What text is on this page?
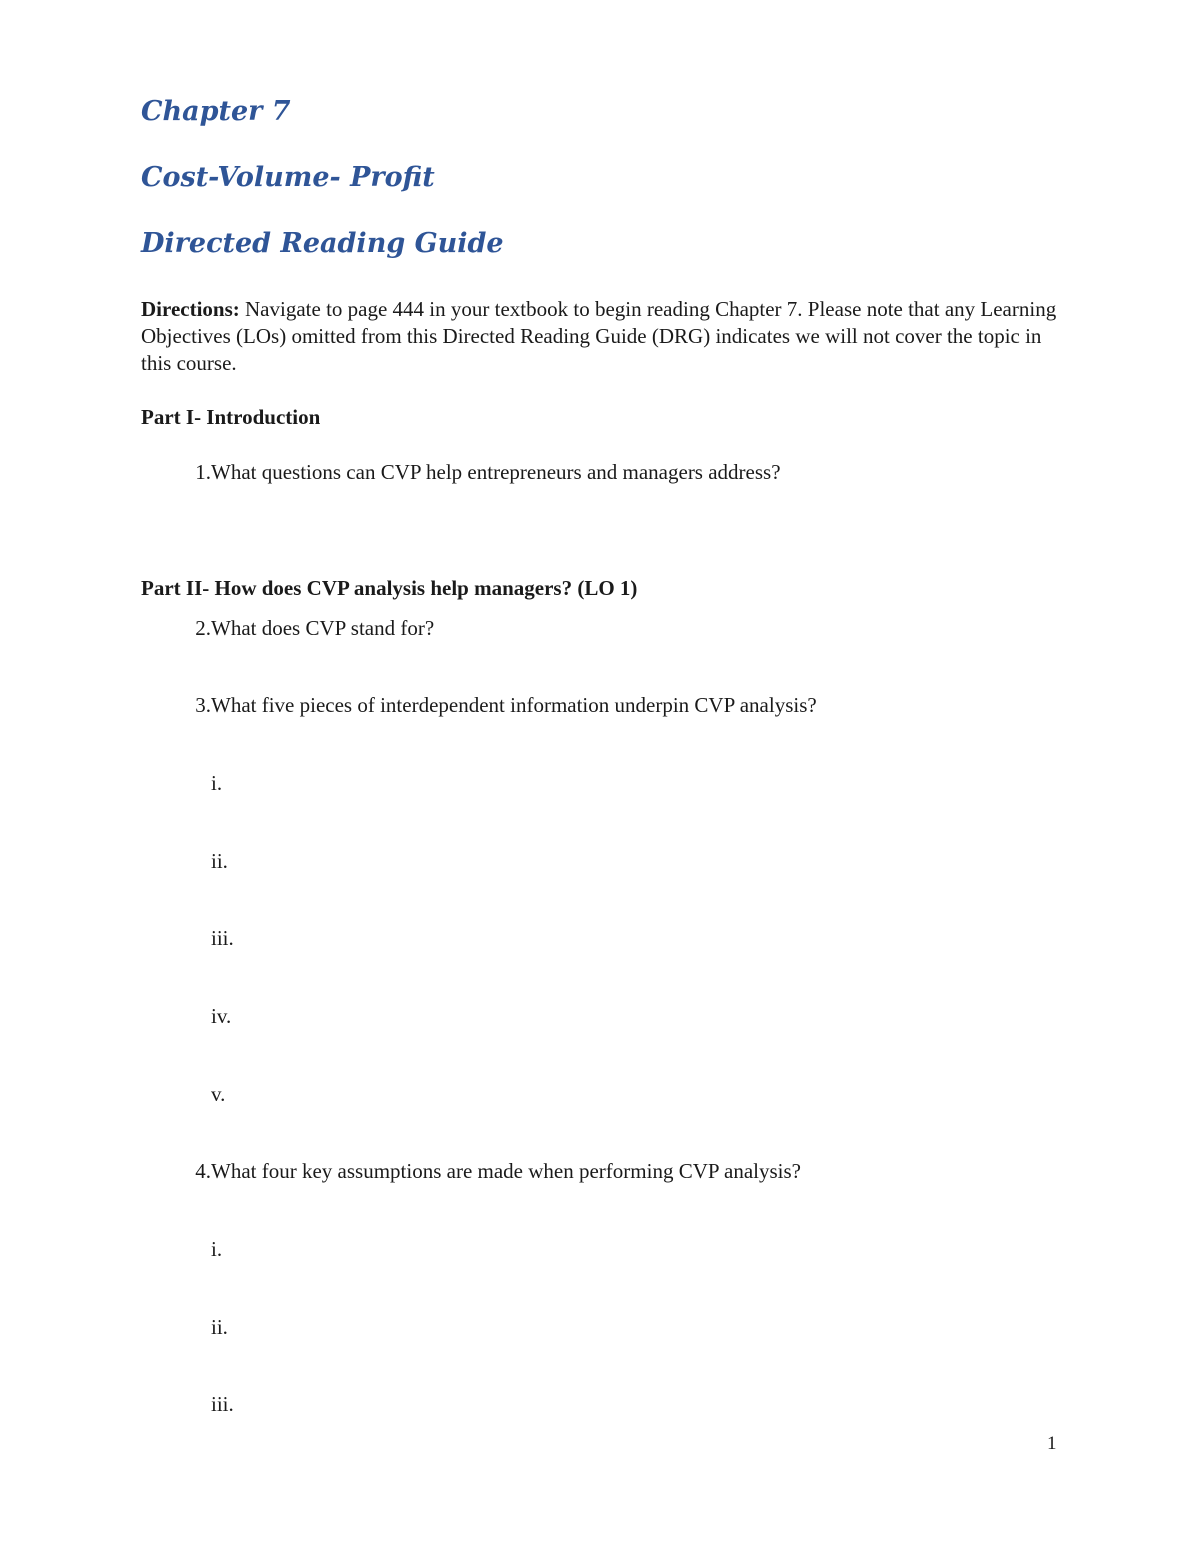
Chapter 7
Cost-Volume- Profit
Directed Reading Guide

Directions: Navigate to page 444 in your textbook to begin reading Chapter 7. Please note that any Learning Objectives (LOs) omitted from this Directed Reading Guide (DRG) indicates we will not cover the topic in this course.

Part I- Introduction

1.What questions can CVP help entrepreneurs and managers address?

Part II- How does CVP analysis help managers? (LO 1)

2.What does CVP stand for?

3.What five pieces of interdependent information underpin CVP analysis?

i.

ii.

iii.

iv.

v.

4.What four key assumptions are made when performing CVP analysis?

i.

ii.

iii.

1
